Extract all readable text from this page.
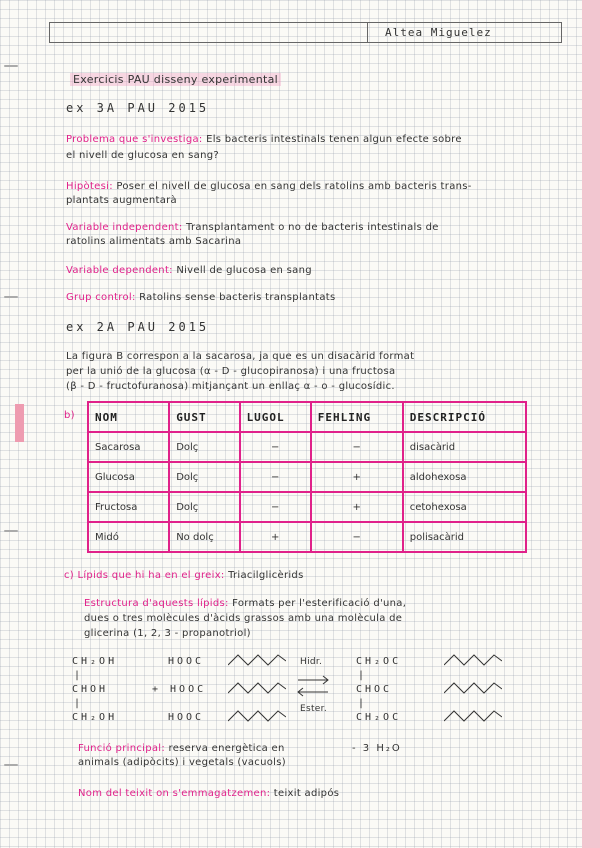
Altea Miguelez
Exercicis PAU disseny experimental
ex 3A PAU 2015
Problema que s'investiga: Els bacteris intestinals tenen algun efecte sobre
el nivell de glucosa en sang?
Hipòtesi: Poser el nivell de glucosa en sang dels ratolins amb bacteris trans-
plantats augmentarà
Variable independent: Transplantament o no de bacteris intestinals de
ratolins alimentats amb Sacarina
Variable dependent: Nivell de glucosa en sang
Grup control: Ratolins sense bacteris transplantats
ex 2A PAU 2015
La figura B correspon a la sacarosa, ja que es un disacàrid format
per la unió de la glucosa (α - D - glucopiranosa) i una fructosa
(β - D - fructofuranosa) mitjançant un enllaç α - o - glucosídic.
b) NOM	GUST	LUGOL	FEHLING	DESCRIPCIÓ
Sacarosa	Dolç	−	−	disacàrid
Glucosa	Dolç	−	+	aldohexosa
Fructosa	Dolç	−	+	cetohexosa
Midó	No dolç	+	−	polisacàrid
c) Lípids que hi ha en el greix: Triacilglicèrids
Estructura d'aquests lípids: Formats per l'esterificació d'una,
dues o tres molècules d'àcids grassos amb una molècula de
glicerina (1, 2, 3 - propanotriol)
CH₂OH
|
CHOH
|
CH₂OH
HOOC
+ HOOC
HOOC
Hidr.
Ester.
CH₂OC
|
CHOC
|
CH₂OC
Funció principal: reserva energètica en	- 3 H₂O
animals (adipòcits) i vegetals (vacuols)
Nom del teixit on s'emmagatzemen: teixit adipós
